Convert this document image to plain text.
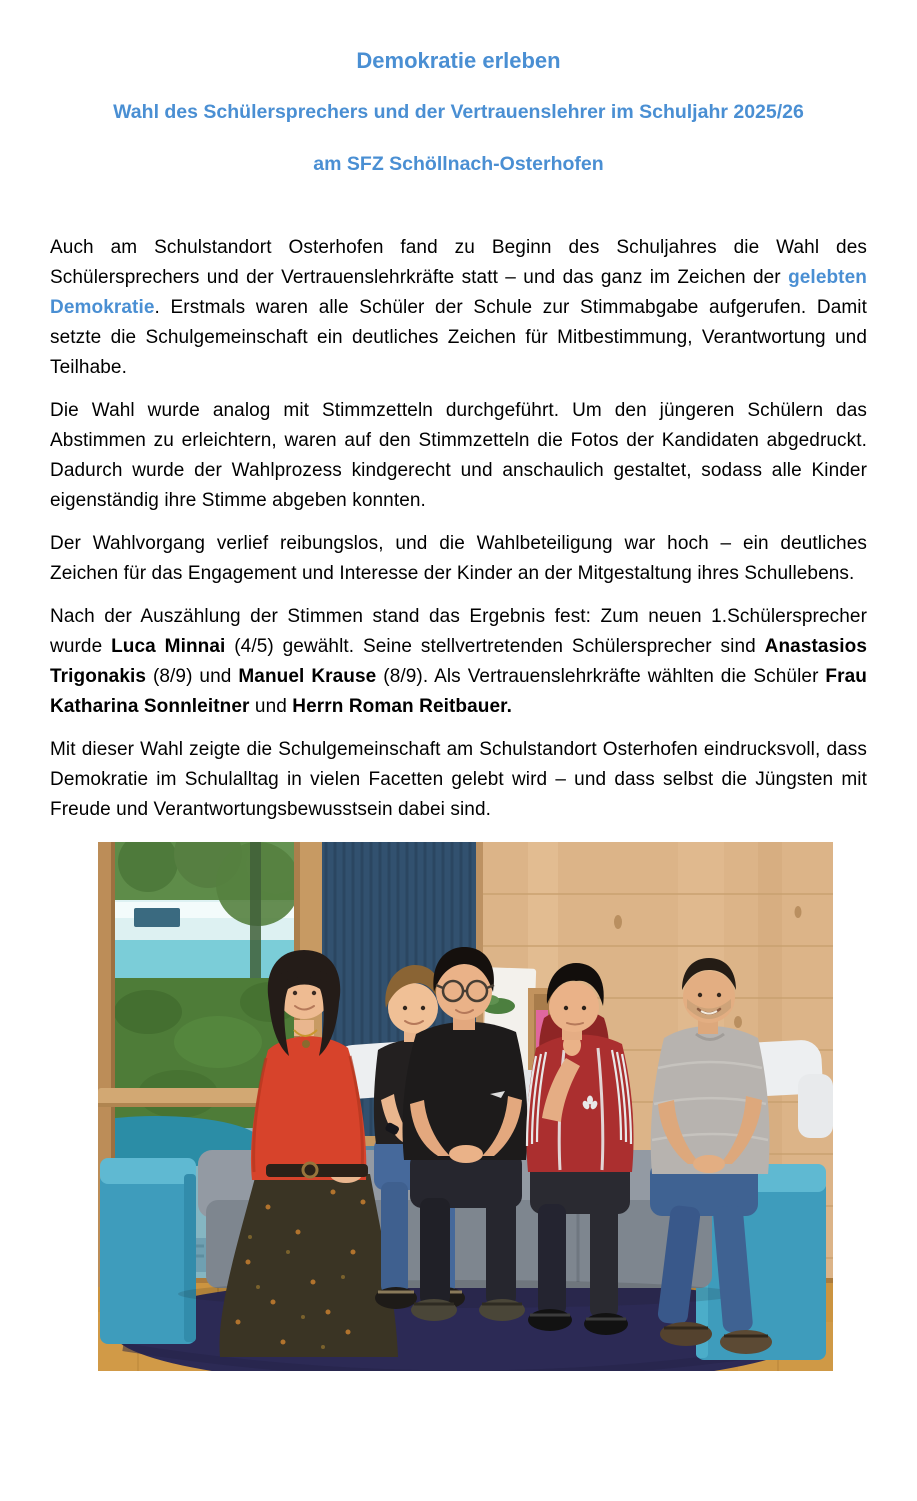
Demokratie erleben
Wahl des Schülersprechers und der Vertrauenslehrer im Schuljahr 2025/26
am SFZ Schöllnach-Osterhofen

Auch am Schulstandort Osterhofen fand zu Beginn des Schuljahres die Wahl des Schülersprechers und der Vertrauenslehrkräfte statt – und das ganz im Zeichen der gelebten Demokratie. Erstmals waren alle Schüler der Schule zur Stimmabgabe aufgerufen. Damit setzte die Schulgemeinschaft ein deutliches Zeichen für Mitbestimmung, Verantwortung und Teilhabe.

Die Wahl wurde analog mit Stimmzetteln durchgeführt. Um den jüngeren Schülern das Abstimmen zu erleichtern, waren auf den Stimmzetteln die Fotos der Kandidaten abgedruckt. Dadurch wurde der Wahlprozess kindgerecht und anschaulich gestaltet, sodass alle Kinder eigenständig ihre Stimme abgeben konnten.

Der Wahlvorgang verlief reibungslos, und die Wahlbeteiligung war hoch – ein deutliches Zeichen für das Engagement und Interesse der Kinder an der Mitgestaltung ihres Schullebens.

Nach der Auszählung der Stimmen stand das Ergebnis fest: Zum neuen 1.Schülersprecher wurde Luca Minnai (4/5) gewählt. Seine stellvertretenden Schülersprecher sind Anastasios Trigonakis (8/9) und Manuel Krause (8/9). Als Vertrauenslehrkräfte wählten die Schüler Frau Katharina Sonnleitner und Herrn Roman Reitbauer.

Mit dieser Wahl zeigte die Schulgemeinschaft am Schulstandort Osterhofen eindrucksvoll, dass Demokratie im Schulalltag in vielen Facetten gelebt wird – und dass selbst die Jüngsten mit Freude und Verantwortungsbewusstsein dabei sind.
